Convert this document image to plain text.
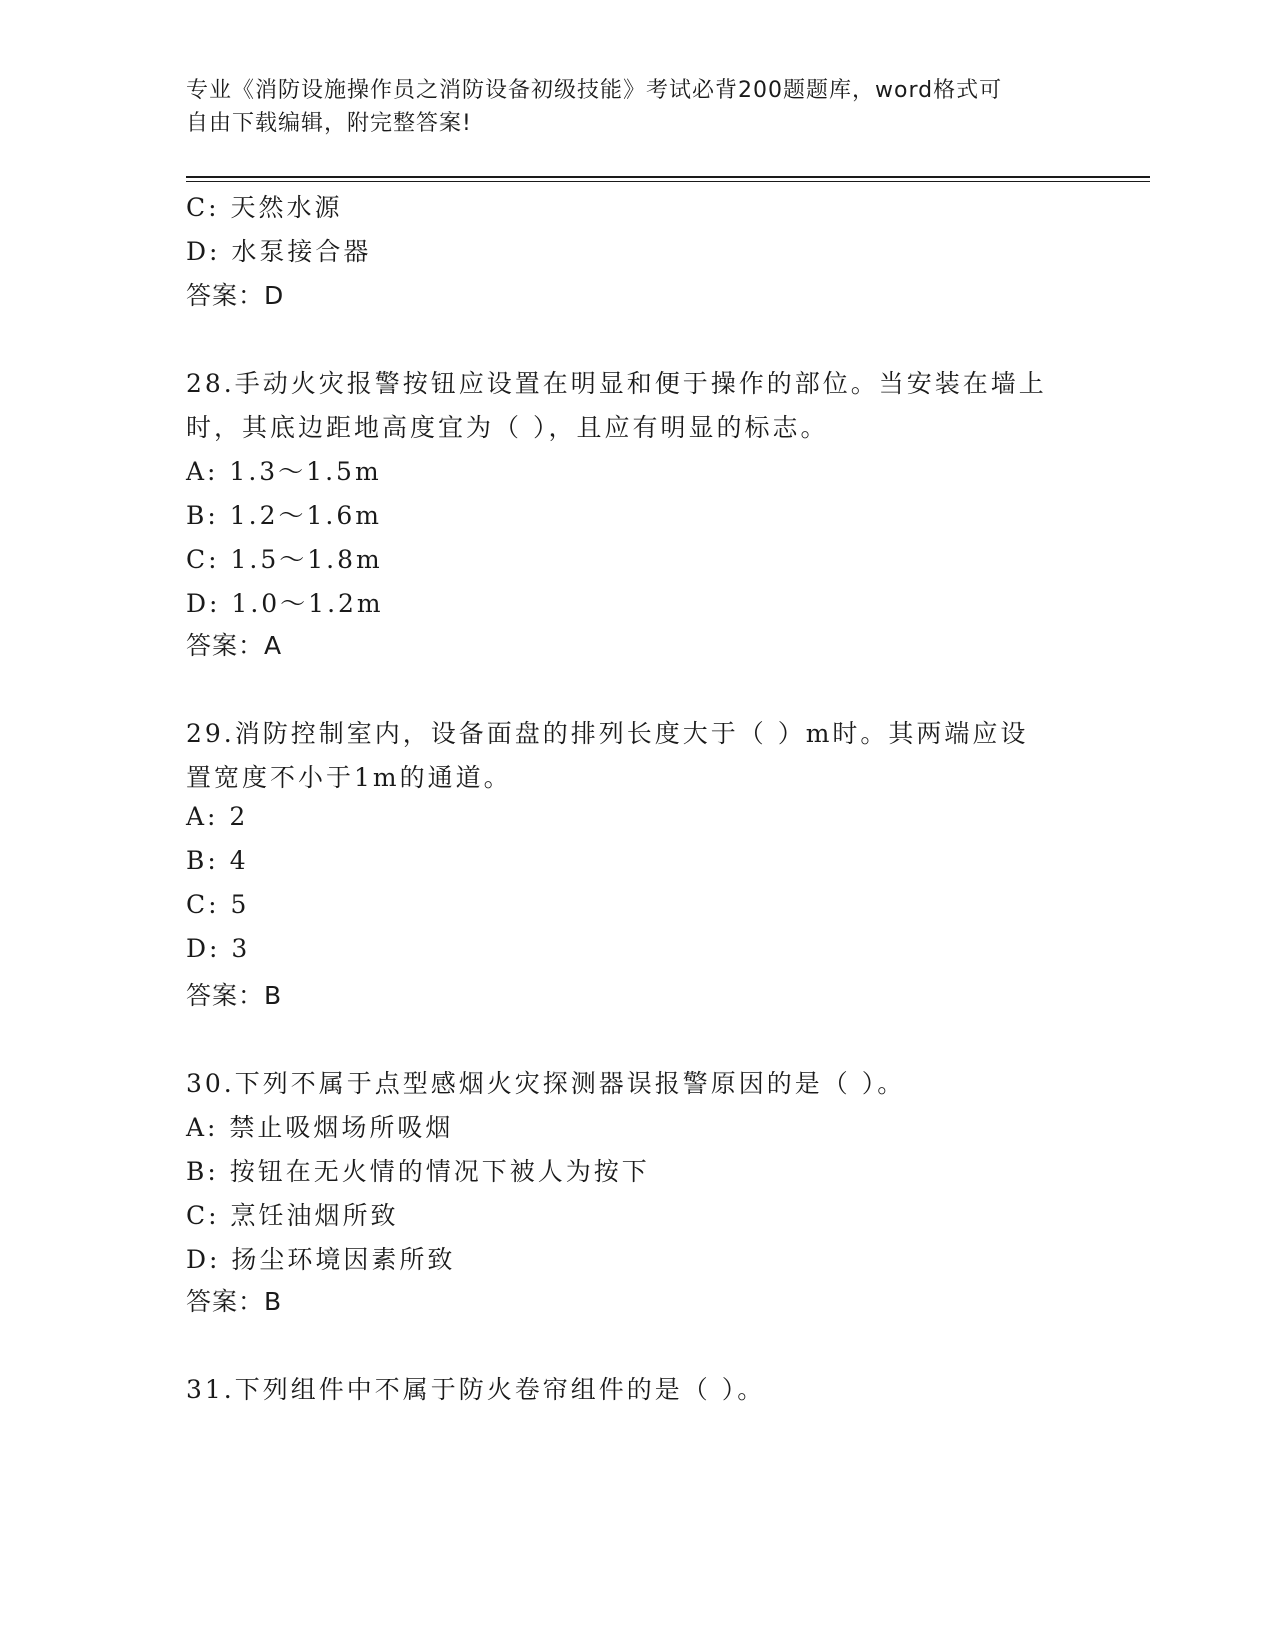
专业《消防设施操作员之消防设备初级技能》考试必背200题题库，word格式可
自由下载编辑，附完整答案!
C: 天然水源
D: 水泵接合器
答案：D
28.手动火灾报警按钮应设置在明显和便于操作的部位。当安装在墙上
时，其底边距地高度宜为（ ），且应有明显的标志。
A: 1.3～1.5m
B: 1.2～1.6m
C: 1.5～1.8m
D: 1.0～1.2m
答案：A
29.消防控制室内，设备面盘的排列长度大于（ ）m时。其两端应设
置宽度不小于1m的通道。
A: 2
B: 4
C: 5
D: 3
答案：B
30.下列不属于点型感烟火灾探测器误报警原因的是（ ）。
A: 禁止吸烟场所吸烟
B: 按钮在无火情的情况下被人为按下
C: 烹饪油烟所致
D: 扬尘环境因素所致
答案：B
31.下列组件中不属于防火卷帘组件的是（ ）。
